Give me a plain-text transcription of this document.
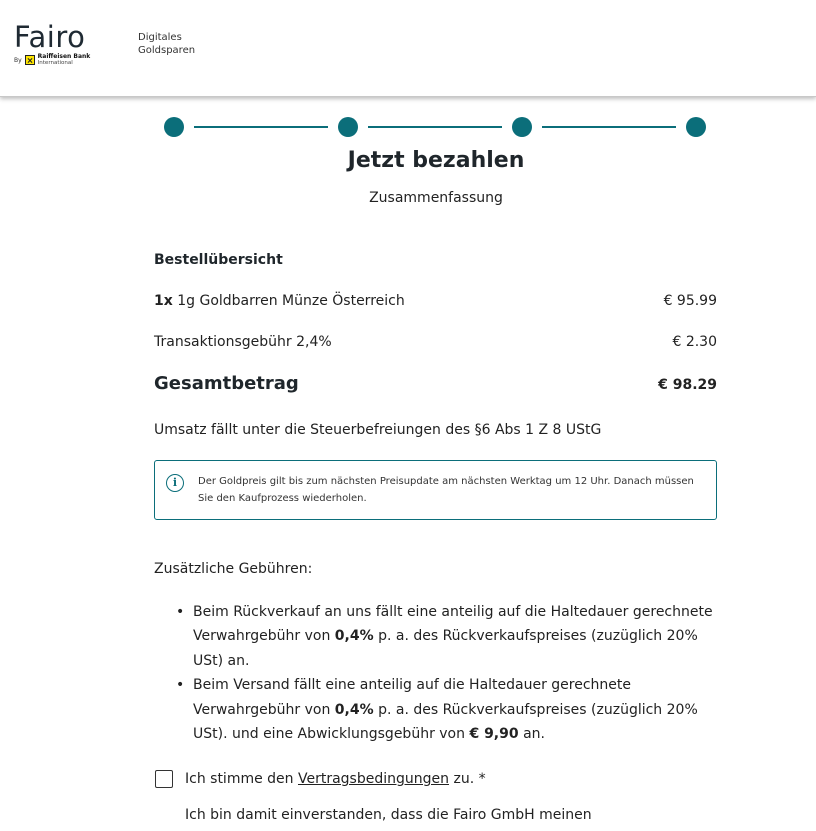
Fairo
By	Raiffeisen Bank
International
Digitales
Goldsparen
Jetzt bezahlen
Zusammenfassung
Bestellübersicht
1x 1g Goldbarren Münze Österreich	€ 95.99
Transaktionsgebühr 2,4%	€ 2.30
Gesamtbetrag	€ 98.29
Umsatz fällt unter die Steuerbefreiungen des §6 Abs 1 Z 8 UStG
i	Der Goldpreis gilt bis zum nächsten Preisupdate am nächsten Werktag um 12 Uhr. Danach müssen Sie den Kaufprozess wiederholen.
Zusätzliche Gebühren:
• Beim Rückverkauf an uns fällt eine anteilig auf die Haltedauer gerechnete Verwahrgebühr von 0,4% p. a. des Rückverkaufspreises (zuzüglich 20% USt) an.
• Beim Versand fällt eine anteilig auf die Haltedauer gerechnete Verwahrgebühr von 0,4% p. a. des Rückverkaufspreises (zuzüglich 20% USt). und eine Abwicklungsgebühr von € 9,90 an.
Ich stimme den Vertragsbedingungen zu. *
Ich bin damit einverstanden, dass die Fairo GmbH meinen
